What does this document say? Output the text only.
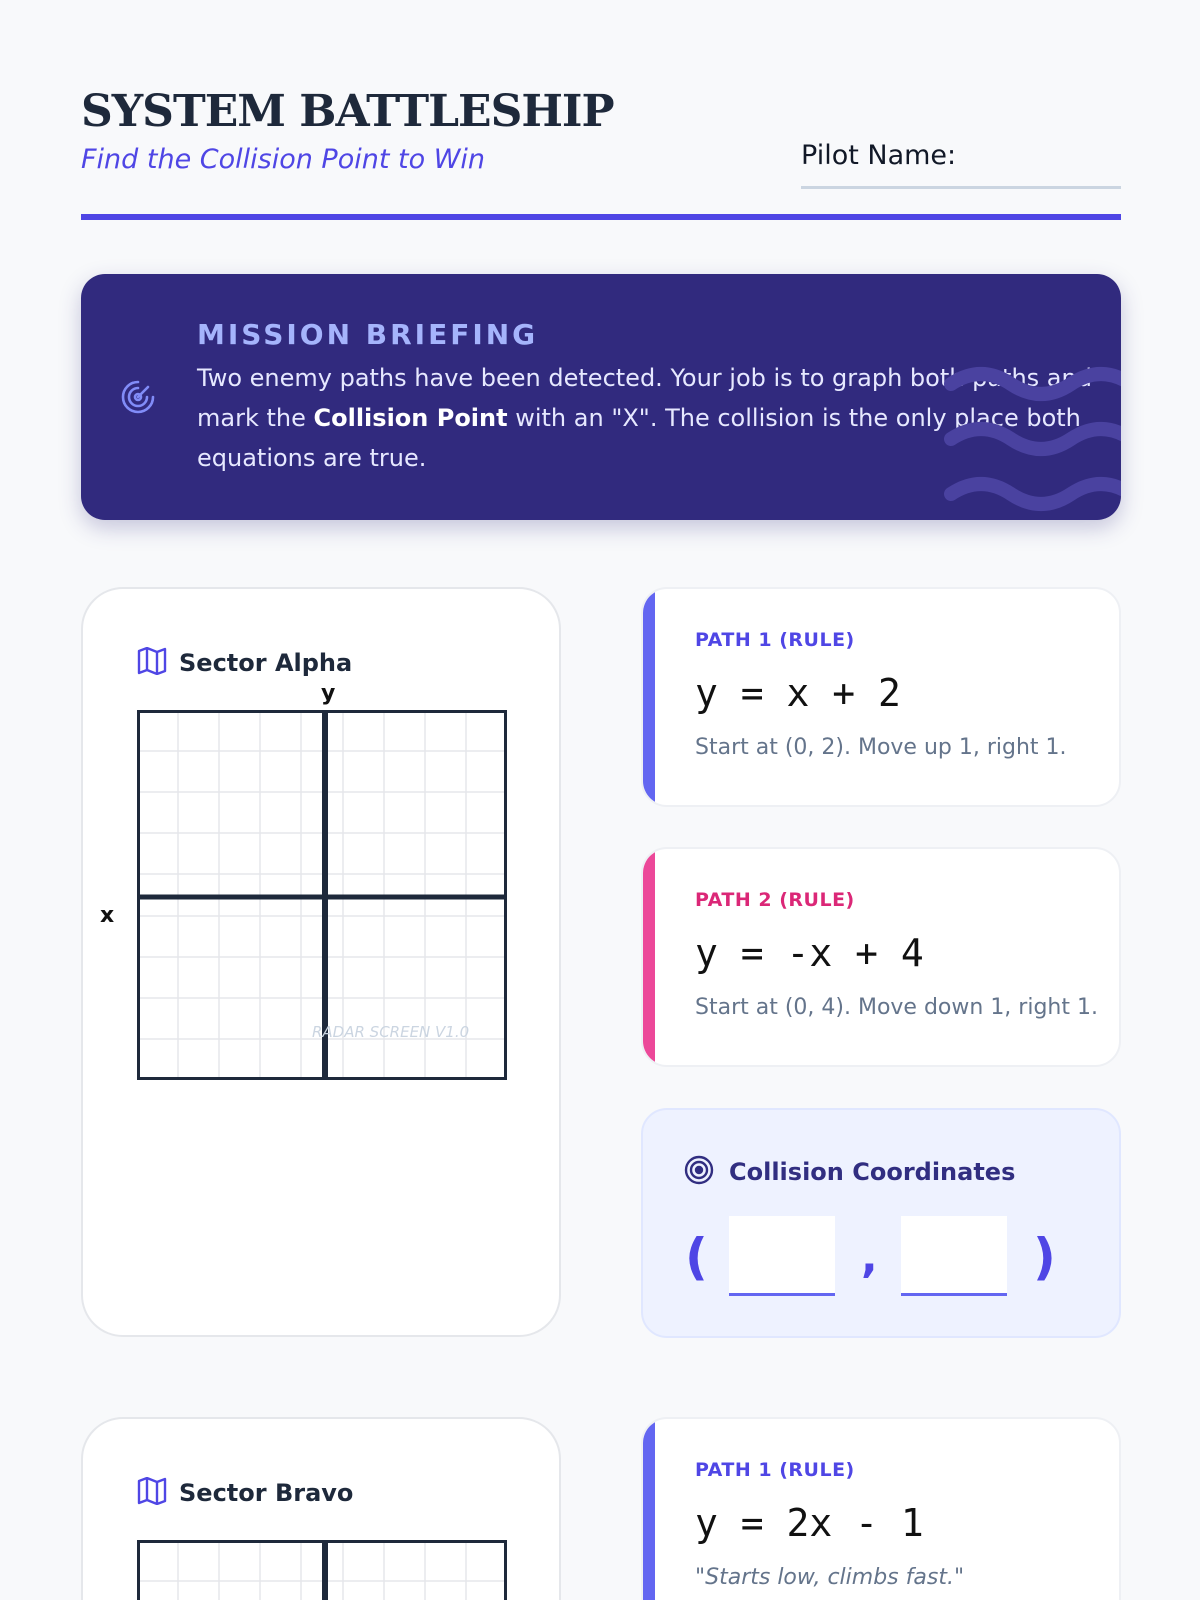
SYSTEM BATTLESHIP
Find the Collision Point to Win	Pilot Name:
MISSION BRIEFING
Two enemy paths have been detected. Your job is to graph both paths and mark the Collision Point with an "X". The collision is the only place both equations are true.
Sector Alpha
y
x
RADAR SCREEN V1.0
PATH 1 (RULE)
y = x + 2
Start at (0, 2). Move up 1, right 1.
PATH 2 (RULE)
y = -x + 4
Start at (0, 4). Move down 1, right 1.
Collision Coordinates
(	,	)
Sector Bravo
PATH 1 (RULE)
y = 2x - 1
"Starts low, climbs fast."
